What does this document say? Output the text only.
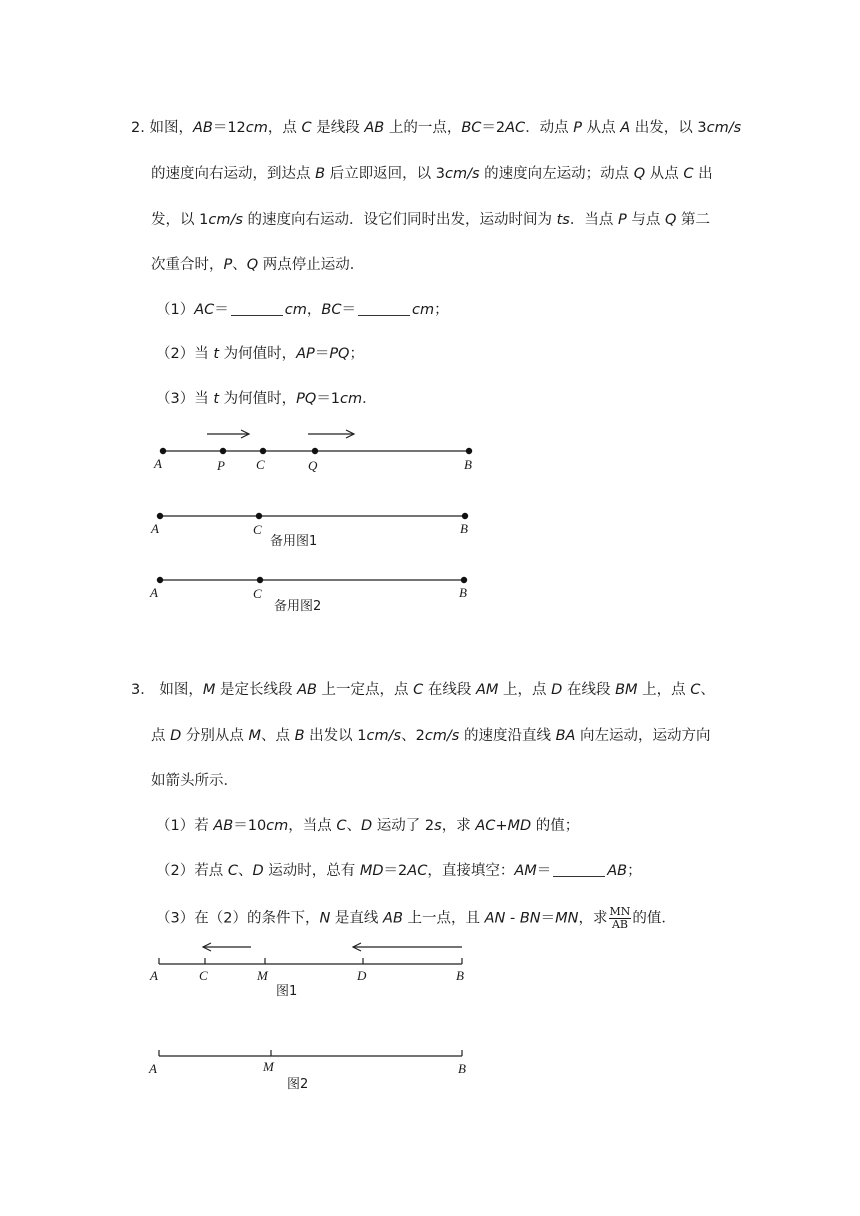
2. 如图，AB＝12cm，点 C 是线段 AB 上的一点，BC＝2AC．动点 P 从点 A 出发，以 3cm/s
的速度向右运动，到达点 B 后立即返回，以 3cm/s 的速度向左运动；动点 Q 从点 C 出
发，以 1cm/s 的速度向右运动．设它们同时出发，运动时间为 ts．当点 P 与点 Q 第二
次重合时，P、Q 两点停止运动．
（1）AC＝	cm，BC＝	cm；
（2）当 t 为何值时，AP＝PQ；
（3）当 t 为何值时，PQ＝1cm．
A	P C	Q	B
A	C	B
备用图1
A	C	B
备用图2
A	C	M	D	B
图1
A	M	B
图2
3． 如图，M 是定长线段 AB 上一定点，点 C 在线段 AM 上，点 D 在线段 BM 上，点 C、
点 D 分别从点 M、点 B 出发以 1cm/s、2cm/s 的速度沿直线 BA 向左运动，运动方向
如箭头所示．
（1）若 AB＝10cm，当点 C、D 运动了 2s，求 AC+MD 的值；
（2）若点 C、D 运动时，总有 MD＝2AC，直接填空：AM＝	AB；
（3）在（2）的条件下，N 是直线 AB 上一点，且 AN - BN＝MN，求 $\frac{MN}{AB}$ 的值．
